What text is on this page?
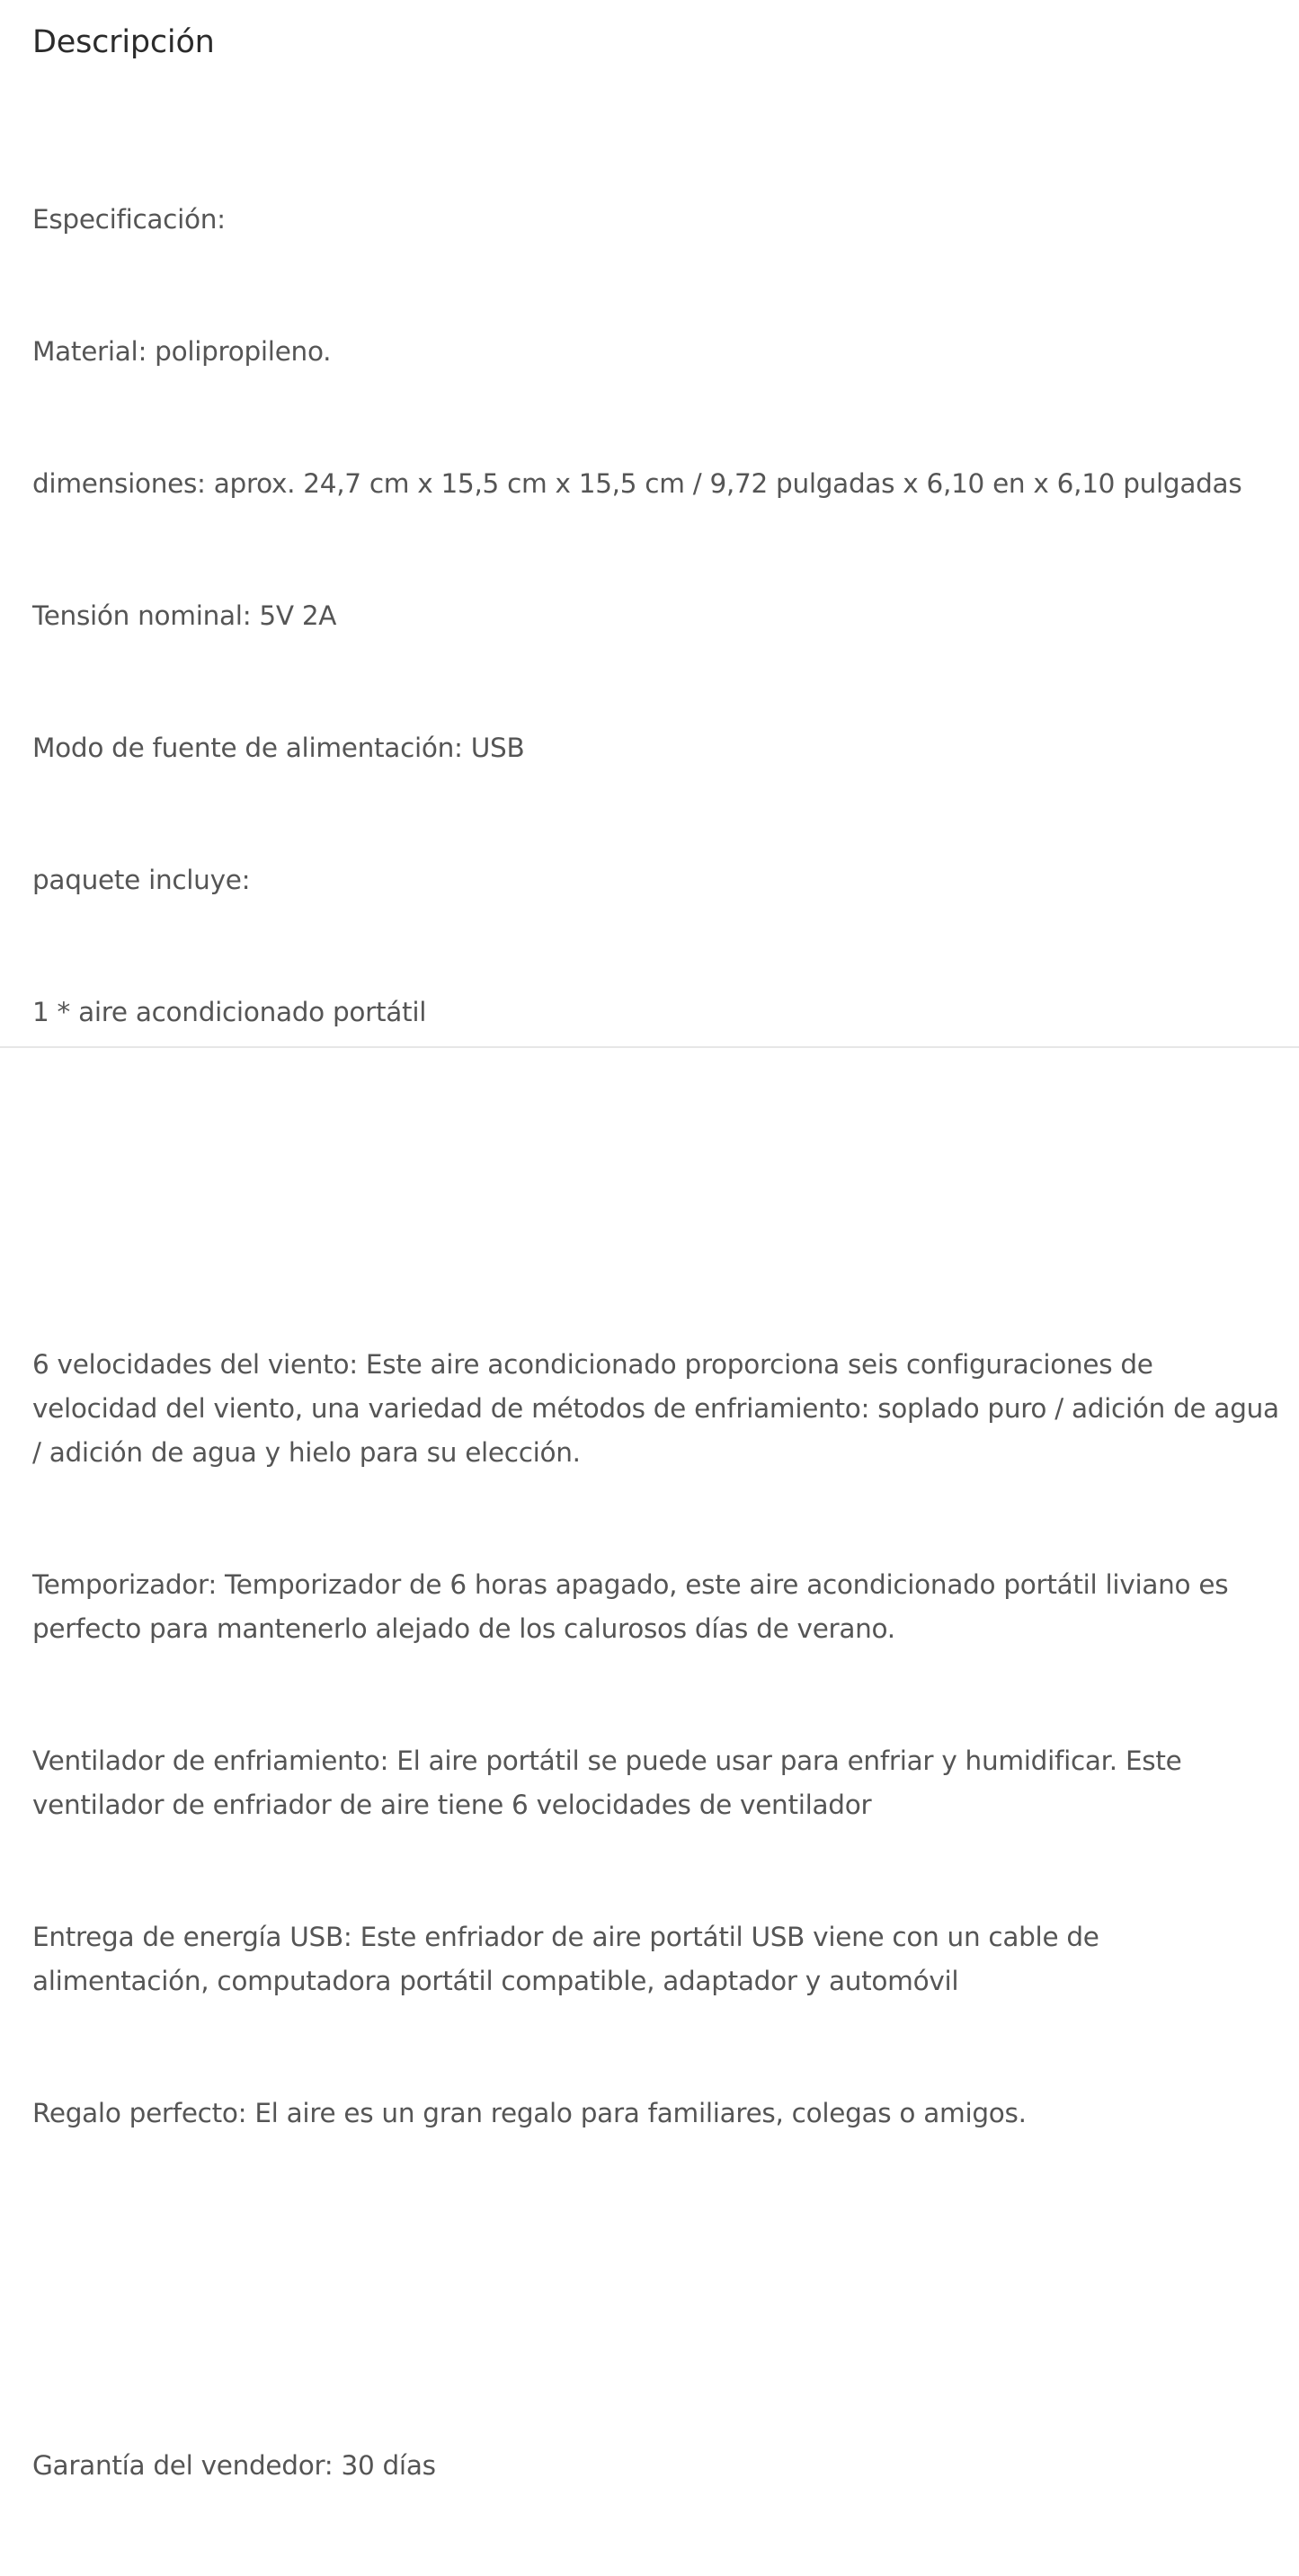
Descripción

Especificación:

Material: polipropileno.

dimensiones: aprox. 24,7 cm x 15,5 cm x 15,5 cm / 9,72 pulgadas x 6,10 en x 6,10 pulgadas

Tensión nominal: 5V 2A

Modo de fuente de alimentación: USB

paquete incluye:

1 * aire acondicionado portátil

6 velocidades del viento: Este aire acondicionado proporciona seis configuraciones de velocidad del viento, una variedad de métodos de enfriamiento: soplado puro / adición de agua / adición de agua y hielo para su elección.

Temporizador: Temporizador de 6 horas apagado, este aire acondicionado portátil liviano es perfecto para mantenerlo alejado de los calurosos días de verano.

Ventilador de enfriamiento: El aire portátil se puede usar para enfriar y humidificar. Este ventilador de enfriador de aire tiene 6 velocidades de ventilador

Entrega de energía USB: Este enfriador de aire portátil USB viene con un cable de alimentación, computadora portátil compatible, adaptador y automóvil

Regalo perfecto: El aire es un gran regalo para familiares, colegas o amigos.

Garantía del vendedor: 30 días
